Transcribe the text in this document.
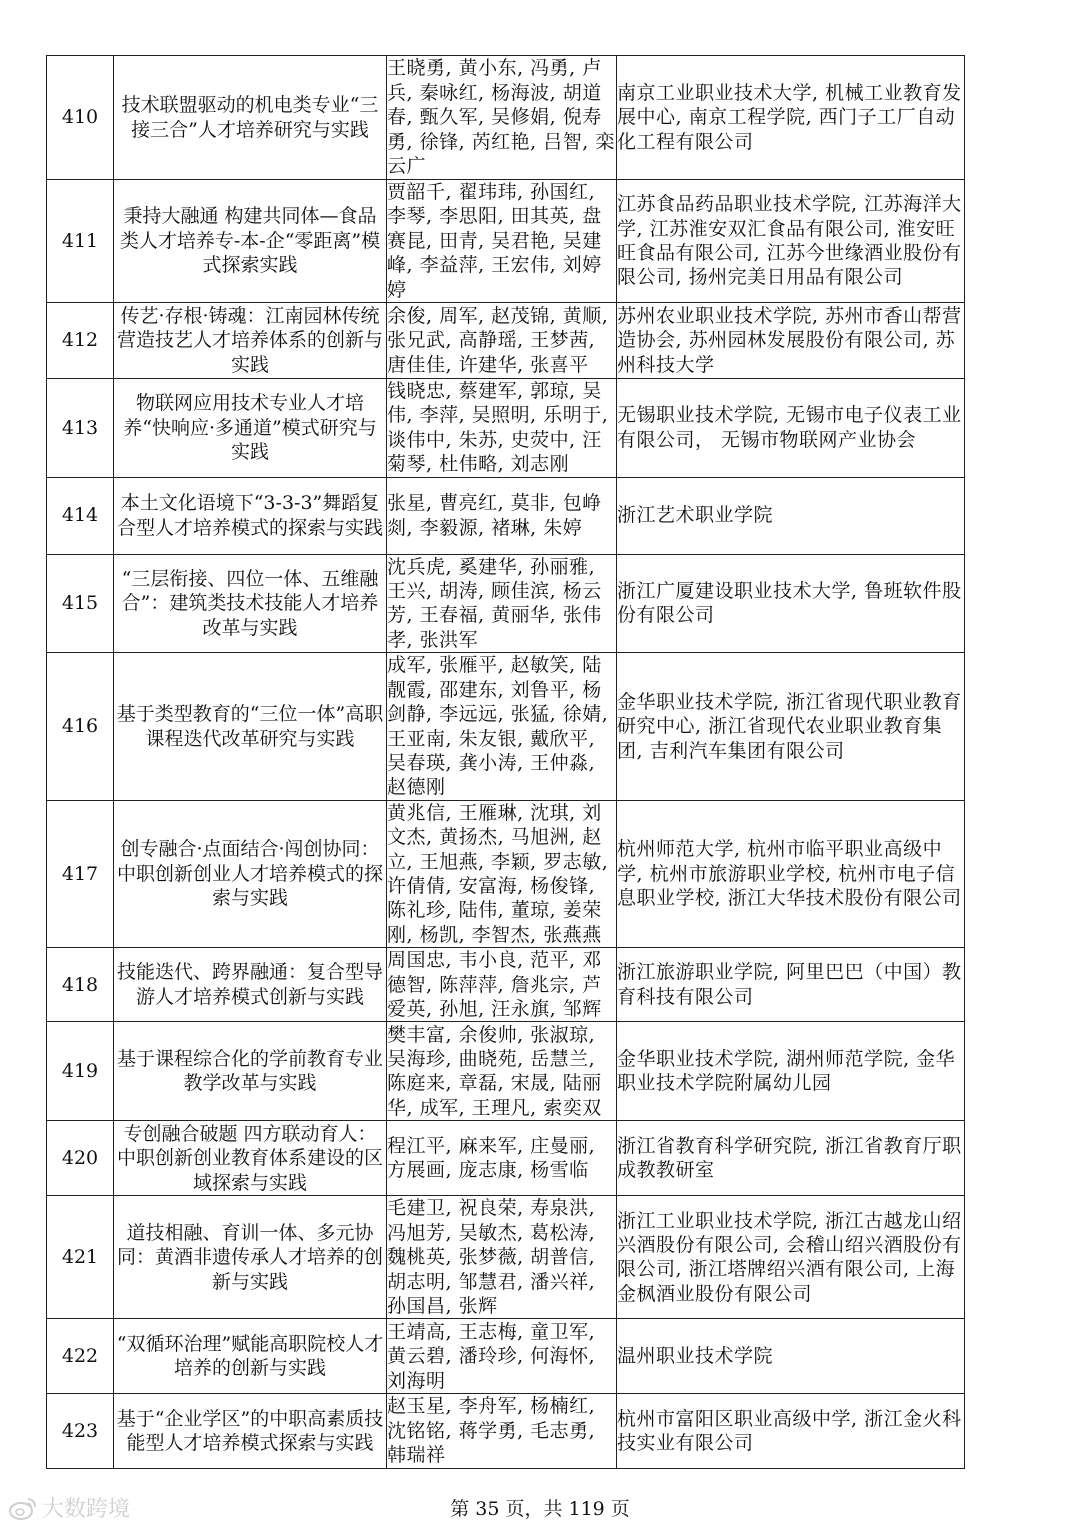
410	技术联盟驱动的机电类专业“三接三合”人才培养研究与实践	王晓勇, 黄小东, 冯勇, 卢兵, 秦咏红, 杨海波, 胡道春, 甄久军, 吴修娟, 倪寿勇, 徐锋, 芮红艳, 吕智, 栾云广	南京工业职业技术大学, 机械工业教育发展中心, 南京工程学院, 西门子工厂自动化工程有限公司
411	秉持大融通 构建共同体—食品类人才培养专-本-企“零距离”模式探索实践	贾韶千, 翟玮玮, 孙国红, 李琴, 李思阳, 田其英, 盘赛昆, 田青, 吴君艳, 吴建峰, 李益萍, 王宏伟, 刘婷婷	江苏食品药品职业技术学院, 江苏海洋大学, 江苏淮安双汇食品有限公司, 淮安旺旺食品有限公司, 江苏今世缘酒业股份有限公司, 扬州完美日用品有限公司
412	传艺·存根·铸魂：江南园林传统营造技艺人才培养体系的创新与实践	余俊, 周军, 赵茂锦, 黄顺, 张兄武, 高静瑶, 王梦茜, 唐佳佳, 许建华, 张喜平	苏州农业职业技术学院, 苏州市香山帮营造协会, 苏州园林发展股份有限公司, 苏州科技大学
413	物联网应用技术专业人才培养“快响应·多通道”模式研究与实践	钱晓忠, 蔡建军, 郭琼, 吴伟, 李萍, 吴照明, 乐明于, 谈伟中, 朱苏, 史荧中, 汪菊琴, 杜伟略, 刘志刚	无锡职业技术学院, 无锡市电子仪表工业有限公司， 无锡市物联网产业协会
414	本土文化语境下“3-3-3”舞蹈复合型人才培养模式的探索与实践	张星, 曹亮红, 莫非, 包峥剡, 李毅源, 褚琳, 朱婷	浙江艺术职业学院
415	“三层衔接、四位一体、五维融合”：建筑类技术技能人才培养改革与实践	沈兵虎, 奚建华, 孙丽雅, 王兴, 胡涛, 顾佳滨, 杨云芳, 王春福, 黄丽华, 张伟孝, 张洪军	浙江广厦建设职业技术大学, 鲁班软件股份有限公司
416	基于类型教育的“三位一体”高职课程迭代改革研究与实践	成军, 张雁平, 赵敏笑, 陆靓霞, 邵建东, 刘鲁平, 杨剑静, 李远远, 张猛, 徐婧, 王亚南, 朱友银, 戴欣平, 吴春瑛, 龚小涛, 王仲淼, 赵德刚	金华职业技术学院, 浙江省现代职业教育研究中心, 浙江省现代农业职业教育集团, 吉利汽车集团有限公司
417	创专融合·点面结合·闯创协同：中职创新创业人才培养模式的探索与实践	黄兆信, 王雁琳, 沈琪, 刘文杰, 黄扬杰, 马旭洲, 赵立, 王旭燕, 李颖, 罗志敏, 许倩倩, 安富海, 杨俊锋, 陈礼珍, 陆伟, 董琼, 姜荣刚, 杨凯, 李智杰, 张燕燕	杭州师范大学, 杭州市临平职业高级中学, 杭州市旅游职业学校, 杭州市电子信息职业学校, 浙江大华技术股份有限公司
418	技能迭代、跨界融通：复合型导游人才培养模式创新与实践	周国忠, 韦小良, 范平, 邓德智, 陈萍萍, 詹兆宗, 芦爱英, 孙旭, 汪永旗, 邹辉	浙江旅游职业学院, 阿里巴巴（中国）教育科技有限公司
419	基于课程综合化的学前教育专业教学改革与实践	樊丰富, 余俊帅, 张淑琼, 吴海珍, 曲晓苑, 岳慧兰, 陈庭来, 章磊, 宋晟, 陆丽华, 成军, 王理凡, 索奕双	金华职业技术学院, 湖州师范学院, 金华职业技术学院附属幼儿园
420	专创融合破题 四方联动育人：中职创新创业教育体系建设的区域探索与实践	程江平, 麻来军, 庄曼丽, 方展画, 庞志康, 杨雪临	浙江省教育科学研究院, 浙江省教育厅职成教教研室
421	道技相融、育训一体、多元协同：黄酒非遗传承人才培养的创新与实践	毛建卫, 祝良荣, 寿泉洪, 冯旭芳, 吴敏杰, 葛松涛, 魏桃英, 张梦薇, 胡普信, 胡志明, 邹慧君, 潘兴祥, 孙国昌, 张辉	浙江工业职业技术学院, 浙江古越龙山绍兴酒股份有限公司, 会稽山绍兴酒股份有限公司, 浙江塔牌绍兴酒有限公司, 上海金枫酒业股份有限公司
422	“双循环治理”赋能高职院校人才培养的创新与实践	王靖高, 王志梅, 童卫军, 黄云碧, 潘玲珍, 何海怀, 刘海明	温州职业技术学院
423	基于“企业学区”的中职高素质技能型人才培养模式探索与实践	赵玉星, 李舟军, 杨楠红, 沈铭铭, 蒋学勇, 毛志勇, 韩瑞祥	杭州市富阳区职业高级中学, 浙江金火科技实业有限公司
第 35 页，共 119 页
大数跨境
